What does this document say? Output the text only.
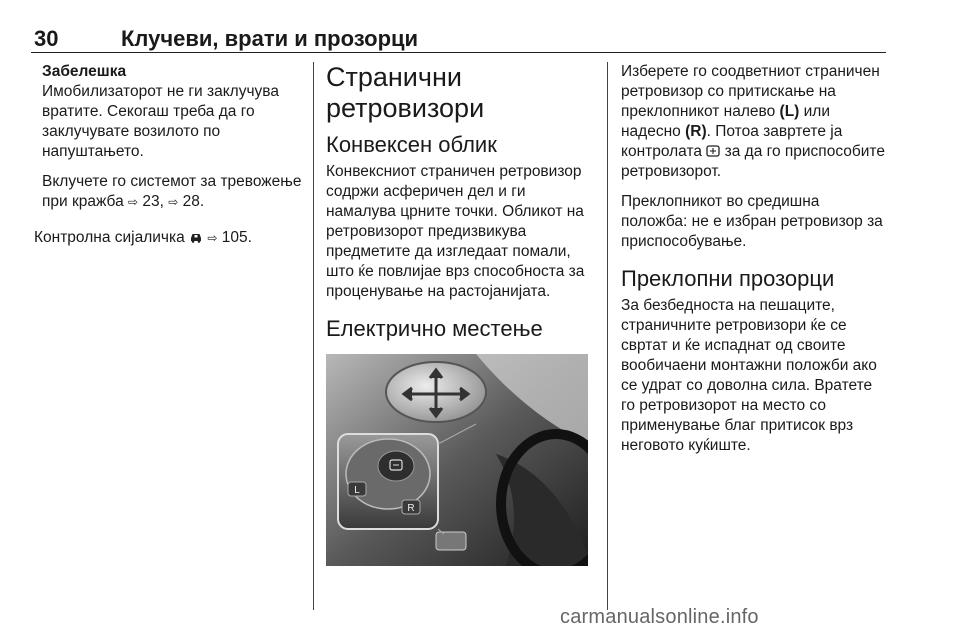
30	Клучеви, врати и прозорци

Забелешка

Имобилизаторот не ги заклучува вратите. Секогаш треба да го заклучувате возилото по напуштањето.

Вклучете го системот за тревожење при кражба ⇨ 23, ⇨ 28.

Контролна сијаличка ⇨ 105.

Странични ретровизори
Конвексен облик

Конвексниот страничен ретровизор содржи асферичен дел и ги намалува црните точки. Обликот на ретровизорот предизвикува предметите да изгледаат помали, што ќе повлијае врз способноста за проценување на растојанијата.

Електрично местење
L
R

Изберете го соодветниот страничен ретровизор со притискање на преклопникот налево (L) или надесно (R). Потоа завртете ја контролата за да го приспособите ретровизорот.

Преклопникот во средишна положба: не е избран ретровизор за приспособување.

Преклопни прозорци

За безбедноста на пешаците, страничните ретровизори ќе се свртат и ќе испаднат од своите вообичаени монтажни положби ако се удрат со доволна сила. Вратете го ретровизорот на место со применување благ притисок врз неговото куќиште.

carmanualsonline.info
